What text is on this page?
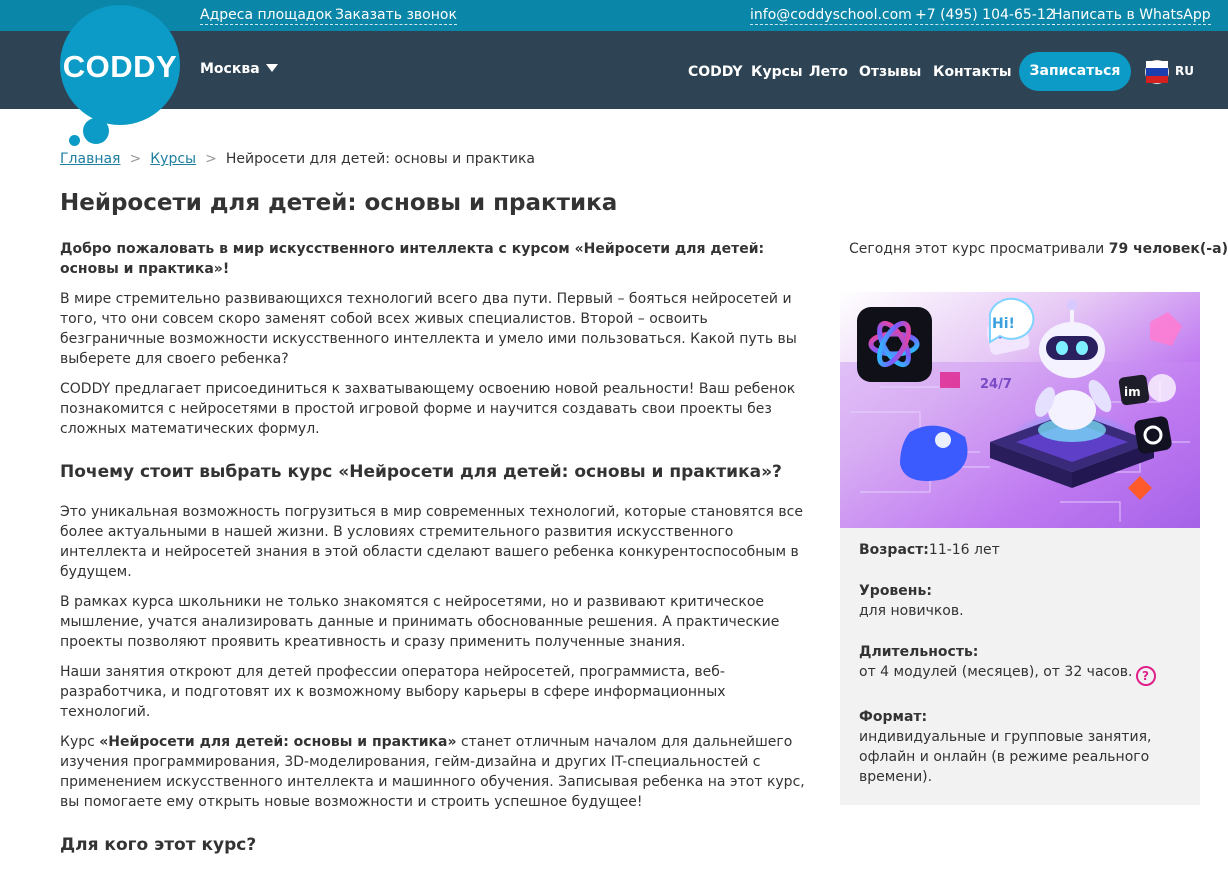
Адреса площадок Заказать звонок	info@coddyschool.com +7 (495) 104-65-12
Написать в WhatsApp
Москва	CODDY Курсы Лето Отзывы Контакты	Записаться	RU
CODDY
Главная > Курсы > Нейросети для детей: основы и практика
Нейросети для детей: основы и практика

Добро пожаловать в мир искусственного интеллекта с курсом «Нейросети для детей: основы и практика»!

В мире стремительно развивающихся технологий всего два пути. Первый – бояться нейросетей и того, что они совсем скоро заменят собой всех живых специалистов. Второй – освоить безграничные возможности искусственного интеллекта и умело ими пользоваться. Какой путь вы выберете для своего ребенка?

CODDY предлагает присоединиться к захватывающему освоению новой реальности! Ваш ребенок познакомится с нейросетями в простой игровой форме и научится создавать свои проекты без сложных математических формул.

Почему стоит выбрать курс «Нейросети для детей: основы и практика»?

Это уникальная возможность погрузиться в мир современных технологий, которые становятся все более актуальными в нашей жизни. В условиях стремительного развития искусственного интеллекта и нейросетей знания в этой области сделают вашего ребенка конкурентоспособным в будущем.

В рамках курса школьники не только знакомятся с нейросетями, но и развивают критическое мышление, учатся анализировать данные и принимать обоснованные решения. А практические проекты позволяют проявить креативность и сразу применить полученные знания.

Наши занятия откроют для детей профессии оператора нейросетей, программиста, веб-разработчика, и подготовят их к возможному выбору карьеры в сфере информационных технологий.

Курс «Нейросети для детей: основы и практика» станет отличным началом для дальнейшего изучения программирования, 3D-моделирования, гейм-дизайна и других IT-специальностей с применением искусственного интеллекта и машинного обучения. Записывая ребенка на этот курс, вы помогаете ему открыть новые возможности и строить успешное будущее!

Для кого этот курс?
Сегодня этот курс просматривали 79 человек(-а)
Hi!
im
24/7
Возраст:11-16 лет
Уровень:
для новичков.
Длительность:
от 4 модулей (месяцев), от 32 часов. ?
Формат:
индивидуальные и групповые занятия, офлайн и онлайн (в режиме реального времени).
